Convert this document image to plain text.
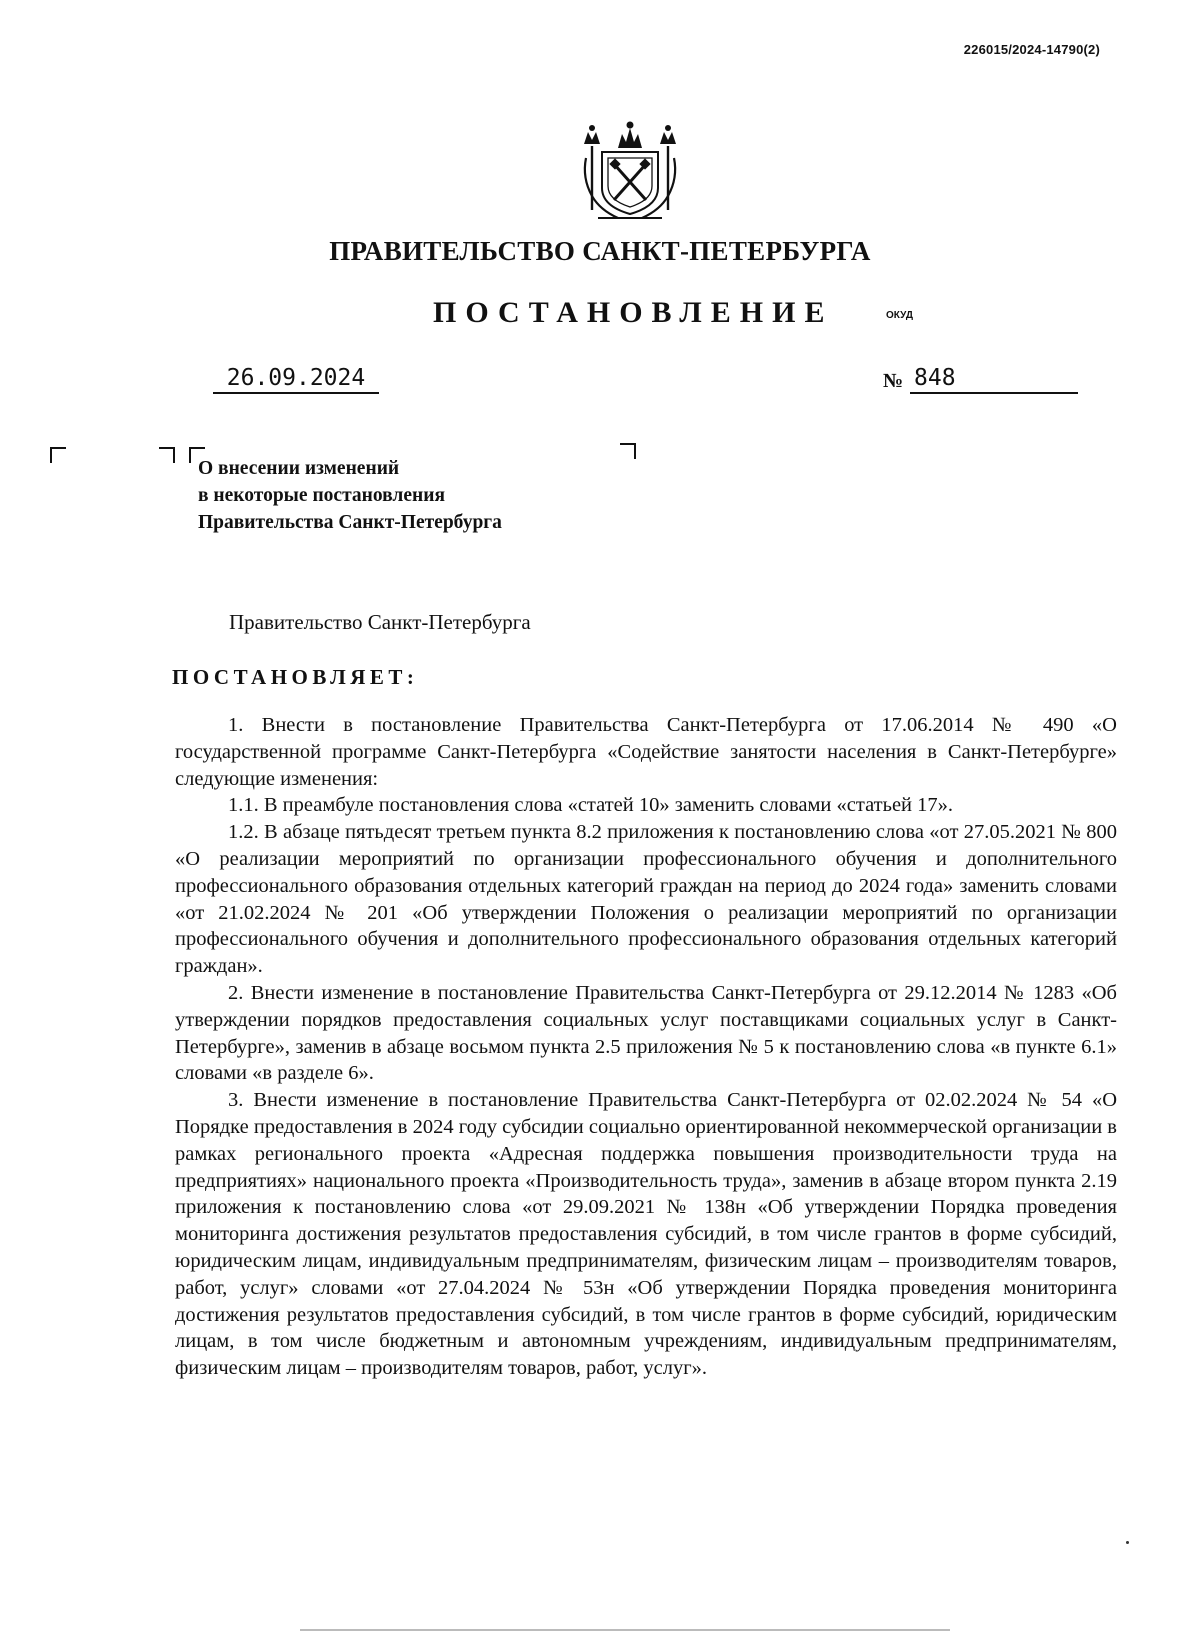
226015/2024-14790(2)
ПРАВИТЕЛЬСТВО САНКТ-ПЕТЕРБУРГА
ПОСТАНОВЛЕНИЕ	ОКУД
26.09.2024	№ 848
О внесении изменений
в некоторые постановления
Правительства Санкт-Петербурга
Правительство Санкт-Петербурга
ПОСТАНОВЛЯЕТ:

1. Внести в постановление Правительства Санкт-Петербурга от 17.06.2014 № 490 «О государственной программе Санкт-Петербурга «Содействие занятости населения в Санкт-Петербурге» следующие изменения:

1.1. В преамбуле постановления слова «статей 10» заменить словами «статьей 17».

1.2. В абзаце пятьдесят третьем пункта 8.2 приложения к постановлению слова «от 27.05.2021 № 800 «О реализации мероприятий по организации профессионального обучения и дополнительного профессионального образования отдельных категорий граждан на период до 2024 года» заменить словами «от 21.02.2024 № 201 «Об утверждении Положения о реализации мероприятий по организации профессионального обучения и дополнительного профессионального образования отдельных категорий граждан».

2. Внести изменение в постановление Правительства Санкт-Петербурга от 29.12.2014 № 1283 «Об утверждении порядков предоставления социальных услуг поставщиками социальных услуг в Санкт-Петербурге», заменив в абзаце восьмом пункта 2.5 приложения № 5 к постановлению слова «в пункте 6.1» словами «в разделе 6».

3. Внести изменение в постановление Правительства Санкт-Петербурга от 02.02.2024 № 54 «О Порядке предоставления в 2024 году субсидии социально ориентированной некоммерческой организации в рамках регионального проекта «Адресная поддержка повышения производительности труда на предприятиях» национального проекта «Производительность труда», заменив в абзаце втором пункта 2.19 приложения к постановлению слова «от 29.09.2021 № 138н «Об утверждении Порядка проведения мониторинга достижения результатов предоставления субсидий, в том числе грантов в форме субсидий, юридическим лицам, индивидуальным предпринимателям, физическим лицам – производителям товаров, работ, услуг» словами «от 27.04.2024 № 53н «Об утверждении Порядка проведения мониторинга достижения результатов предоставления субсидий, в том числе грантов в форме субсидий, юридическим лицам, в том числе бюджетным и автономным учреждениям, индивидуальным предпринимателям, физическим лицам – производителям товаров, работ, услуг».
